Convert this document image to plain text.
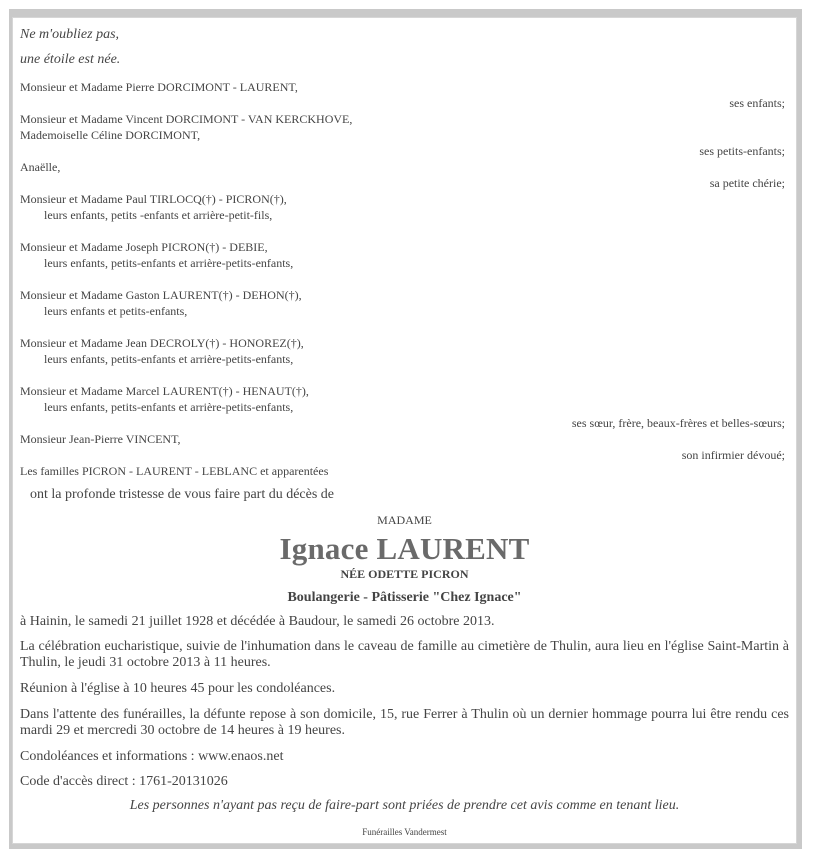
Ne m'oubliez pas,
une étoile est née.
Monsieur et Madame Pierre DORCIMONT - LAURENT,
ses enfants;
Monsieur et Madame Vincent DORCIMONT - VAN KERCKHOVE,
Mademoiselle Céline DORCIMONT,
ses petits-enfants;
Anaëlle,
sa petite chérie;
Monsieur et Madame Paul TIRLOCQ(†) - PICRON(†),
leurs enfants, petits -enfants et arrière-petit-fils,
Monsieur et Madame Joseph PICRON(†) - DEBIE,
leurs enfants, petits-enfants et arrière-petits-enfants,
Monsieur et Madame Gaston LAURENT(†) - DEHON(†),
leurs enfants et petits-enfants,
Monsieur et Madame Jean DECROLY(†) - HONOREZ(†),
leurs enfants, petits-enfants et arrière-petits-enfants,
Monsieur et Madame Marcel LAURENT(†) - HENAUT(†),
leurs enfants, petits-enfants et arrière-petits-enfants,
ses sœur, frère, beaux-frères et belles-sœurs;
Monsieur Jean-Pierre VINCENT,
son infirmier dévoué;
Les familles PICRON - LAURENT - LEBLANC et apparentées
ont la profonde tristesse de vous faire part du décès de
MADAME
Ignace LAURENT
NÉE ODETTE PICRON
Boulangerie - Pâtisserie "Chez Ignace"
à Hainin, le samedi 21 juillet 1928 et décédée à Baudour, le samedi 26 octobre 2013.
La célébration eucharistique, suivie de l'inhumation dans le caveau de famille au cimetière de Thulin, aura lieu en l'église Saint-Martin à Thulin, le jeudi 31 octobre 2013 à 11 heures.
Réunion à l'église à 10 heures 45 pour les condoléances.
Dans l'attente des funérailles, la défunte repose à son domicile, 15, rue Ferrer à Thulin où un dernier hommage pourra lui être rendu ces mardi 29 et mercredi 30 octobre de 14 heures à 19 heures.
Condoléances et informations : www.enaos.net
Code d'accès direct : 1761-20131026
Les personnes n'ayant pas reçu de faire-part sont priées de prendre cet avis comme en tenant lieu.
Funérailles Vandermest
